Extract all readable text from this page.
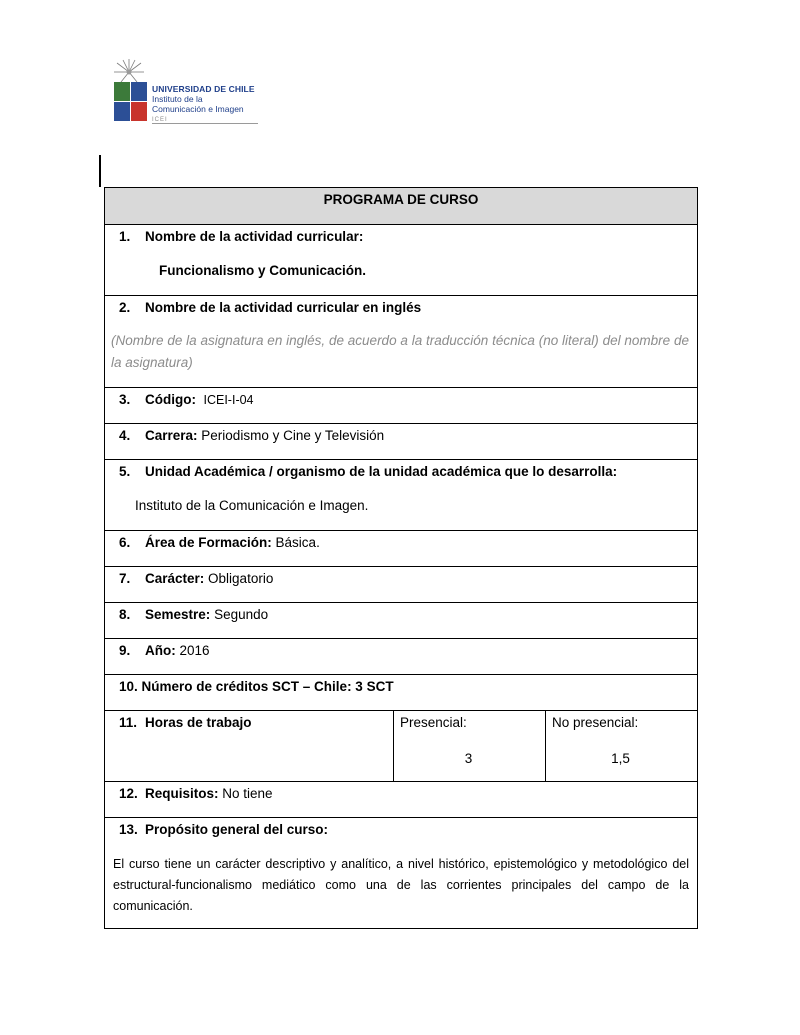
UNIVERSIDAD DE CHILE
Instituto de la
Comunicación e Imagen
ICEI
PROGRAMA DE CURSO

1. Nombre de la actividad curricular:
Funcionalismo y Comunicación.

2. Nombre de la actividad curricular en inglés
(Nombre de la asignatura en inglés, de acuerdo a la traducción técnica (no literal) del nombre de la asignatura)

3. Código: ICEI-I-04
4. Carrera: Periodismo y Cine y Televisión

5. Unidad Académica / organismo de la unidad académica que lo desarrolla:
Instituto de la Comunicación e Imagen.

6. Área de Formación: Básica.
7. Carácter: Obligatorio
8. Semestre: Segundo
9. Año: 2016
10. Número de créditos SCT – Chile: 3 SCT
11. Horas de trabajo	Presencial:
3

No presencial:
1,5

12. Requisitos: No tiene

13. Propósito general del curso:
El curso tiene un carácter descriptivo y analítico, a nivel histórico, epistemológico y metodológico del estructural-funcionalismo mediático como una de las corrientes principales del campo de la comunicación.
